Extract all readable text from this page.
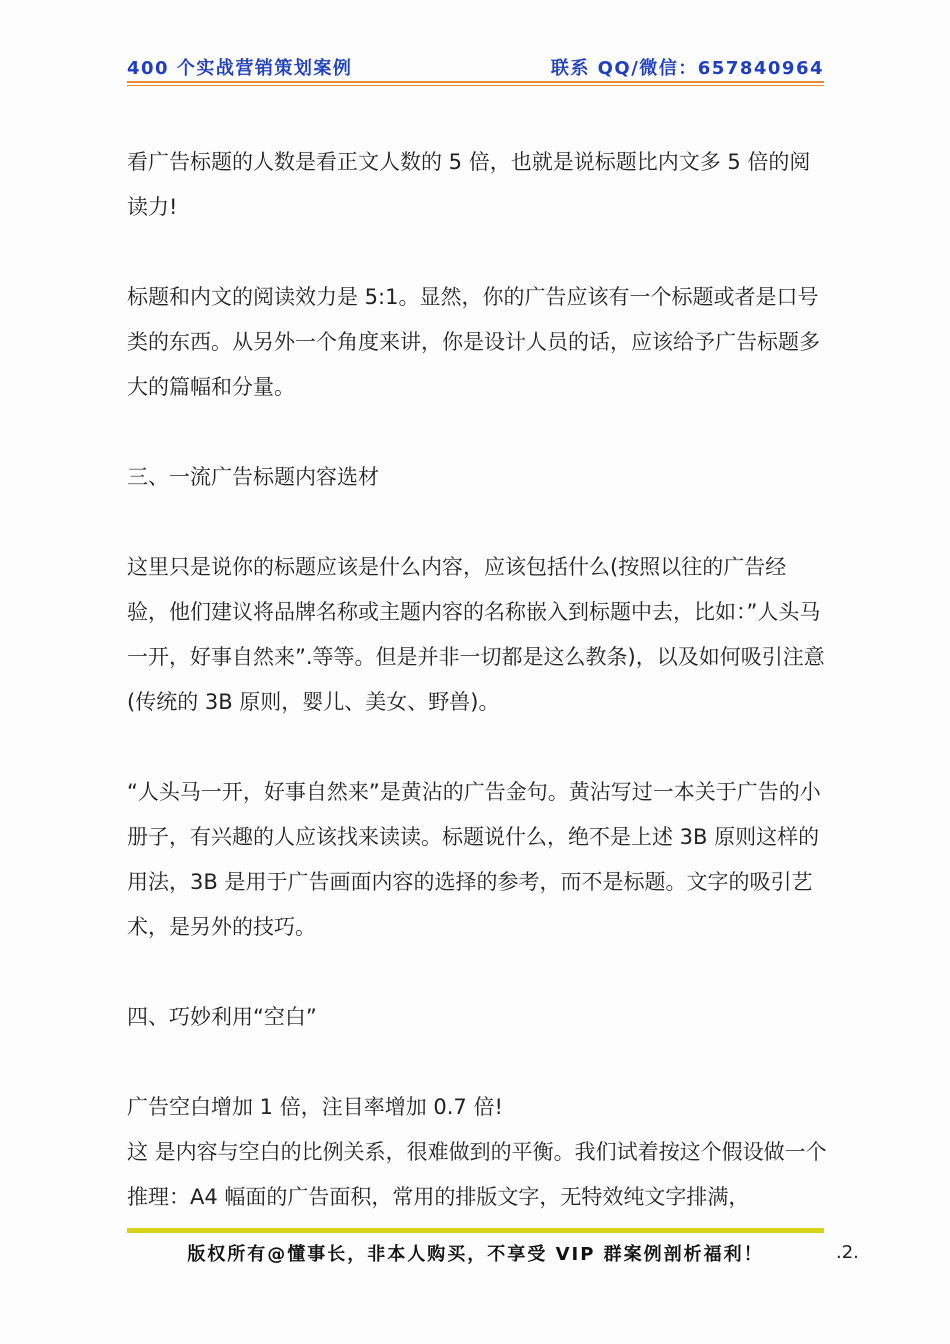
400 个实战营销策划案例	联系 QQ/微信：657840964

看广告标题的人数是看正文人数的 5 倍，也就是说标题比内文多 5 倍的阅读力!

标题和内文的阅读效力是 5:1。显然，你的广告应该有一个标题或者是口号类的东西。从另外一个角度来讲，你是设计人员的话，应该给予广告标题多大的篇幅和分量。

三、一流广告标题内容选材

这里只是说你的标题应该是什么内容，应该包括什么(按照以往的广告经验，他们建议将品牌名称或主题内容的名称嵌入到标题中去，比如：”人头马一开，好事自然来”.等等。但是并非一切都是这么教条)，以及如何吸引注意(传统的 3B 原则，婴儿、美女、野兽)。

“人头马一开，好事自然来”是黄沾的广告金句。黄沾写过一本关于广告的小册子，有兴趣的人应该找来读读。标题说什么，绝不是上述 3B 原则这样的用法，3B 是用于广告画面内容的选择的参考，而不是标题。文字的吸引艺术，是另外的技巧。

四、巧妙利用“空白”

广告空白增加 1 倍，注目率增加 0.7 倍!

这 是内容与空白的比例关系，很难做到的平衡。我们试着按这个假设做一个推理：A4 幅面的广告面积，常用的排版文字，无特效纯文字排满，

版权所有@懂事长，非本人购买，不享受 VIP 群案例剖析福利！	.2.
